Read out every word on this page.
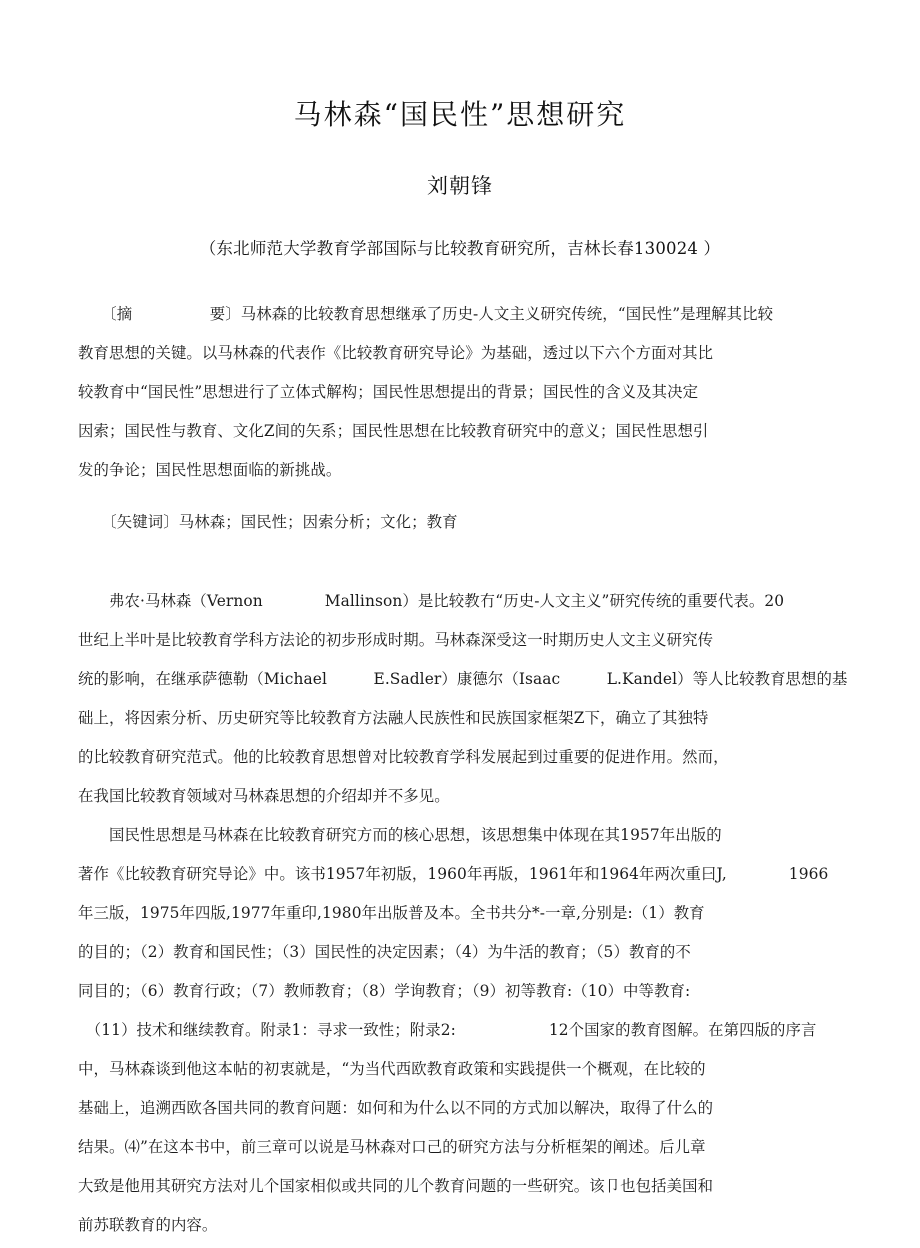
马林森“国民性”思想研究
刘朝锋
（东北师范大学教育学部国际与比较教育研究所，吉林长春130024 ）
　　〔摘　　　　　要〕马林森的比较教育思想继承了历史-人文主义研究传统，“国民性”是理解其比较
教育思想的关键。以马林森的代表作《比较教育研究导论》为基础，透过以下六个方面对其比
较教育中“国民性”思想进行了立体式解构；国民性思想提出的背景；国民性的含义及其决定
因索；国民性与教育、文化Z间的矢系；国民性思想在比较教育研究中的意义；国民性思想引
发的争论；国民性思想面临的新挑战。
　　〔矢键词〕马林森；国民性；因索分析；文化；教育
　　弗农·马林森（Vernon　　　　Mallinson）是比较教冇“历史-人文主义”研究传统的重要代表。20
世纪上半叶是比较教育学科方法论的初步形成时期。马林森深受这一时期历史人文主义研究传
统的影响，在继承萨德勒（Michael　　　E.Sadler）康德尔（Isaac　　　L.Kandel）等人比较教育思想的基
础上，将因索分析、历史研究等比较教育方法融人民族性和民族国家框架Z下，确立了其独特
的比较教育研究范式。他的比较教育思想曾对比较教育学科发展起到过重要的促进作用。然而，
在我国比较教育领域对马林森思想的介绍却并不多见。
　　国民性思想是马林森在比较教育研究方而的核心思想，该思想集中体现在其1957年出版的
著作《比较教育研究导论》中。该书1957年初版，1960年再版，1961年和1964年两次重曰J,　　　　1966
年三版，1975年四版,1977年重印,1980年出版普及本。全书共分*-一章,分别是:（1）教育
的目的；（2）教育和国民性；（3）国民性的决定因素；（4）为牛活的教育；（5）教育的不
同目的；（6）教育行政；（7）教师教育；（8）学询教育；（9）初等教育:（10）中等教育:
　（11）技术和继续教育。附录1：寻求一致性；附录2:　　　　　　12个国家的教育图解。在第四版的序言
中，马林森谈到他这本帖的初衷就是，“为当代西欧教育政策和实践提供一个概观，在比较的
基础上，追溯西欧各国共同的教育问题：如何和为什么以不同的方式加以解决，取得了什么的
结果。⑷”在这本书中，前三章可以说是马林森对口己的研究方法与分析框架的阐述。后儿章
大致是他用其研究方法对儿个国家相似或共同的儿个教育问题的一些研究。该卩也包括美国和
前苏联教育的内容。
